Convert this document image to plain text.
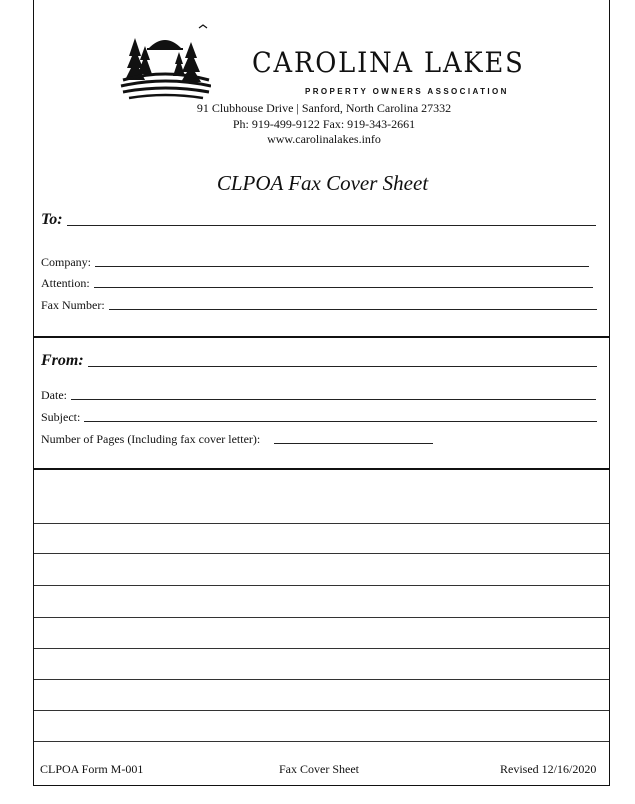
CAROLINA LAKES
PROPERTY OWNERS ASSOCIATION
91 Clubhouse Drive | Sanford, North Carolina 27332
Ph: 919-499-9122 Fax: 919-343-2661
www.carolinalakes.info
CLPOA Fax Cover Sheet
To:
Company:
Attention:
Fax Number:
From:
Date:
Subject:
Number of Pages (Including fax cover letter):
CLPOA Form M-001	Fax Cover Sheet	Revised 12/16/2020
